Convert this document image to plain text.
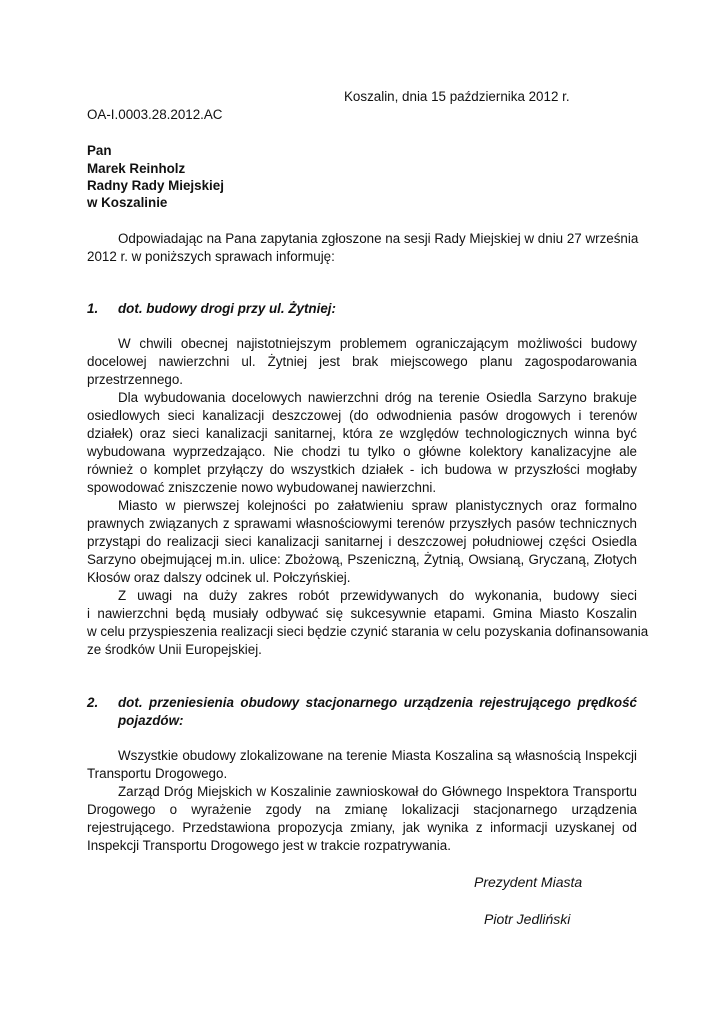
Koszalin, dnia 15 października 2012 r.
OA-I.0003.28.2012.AC
Pan
Marek Reinholz
Radny Rady Miejskiej
w Koszalinie
Odpowiadając na Pana zapytania zgłoszone na sesji Rady Miejskiej w dniu 27 września
2012 r. w poniższych sprawach informuję:
1. dot. budowy drogi przy ul. Żytniej:
W chwili obecnej najistotniejszym problemem ograniczającym możliwości budowy
docelowej nawierzchni ul. Żytniej jest brak miejscowego planu zagospodarowania
przestrzennego.
Dla wybudowania docelowych nawierzchni dróg na terenie Osiedla Sarzyno brakuje
osiedlowych sieci kanalizacji deszczowej (do odwodnienia pasów drogowych i terenów
działek) oraz sieci kanalizacji sanitarnej, która ze względów technologicznych winna być
wybudowana wyprzedzająco. Nie chodzi tu tylko o główne kolektory kanalizacyjne ale
również o komplet przyłączy do wszystkich działek - ich budowa w przyszłości mogłaby
spowodować zniszczenie nowo wybudowanej nawierzchni.
Miasto w pierwszej kolejności po załatwieniu spraw planistycznych oraz formalno
prawnych związanych z sprawami własnościowymi terenów przyszłych pasów technicznych
przystąpi do realizacji sieci kanalizacji sanitarnej i deszczowej południowej części Osiedla
Sarzyno obejmującej m.in. ulice: Zbożową, Pszeniczną, Żytnią, Owsianą, Gryczaną, Złotych
Kłosów oraz dalszy odcinek ul. Połczyńskiej.
Z uwagi na duży zakres robót przewidywanych do wykonania, budowy sieci
i nawierzchni będą musiały odbywać się sukcesywnie etapami. Gmina Miasto Koszalin
w celu przyspieszenia realizacji sieci będzie czynić starania w celu pozyskania dofinansowania
ze środków Unii Europejskiej.
2. dot. przeniesienia obudowy stacjonarnego urządzenia rejestrującego prędkość
pojazdów:
Wszystkie obudowy zlokalizowane na terenie Miasta Koszalina są własnością Inspekcji
Transportu Drogowego.
Zarząd Dróg Miejskich w Koszalinie zawnioskował do Głównego Inspektora Transportu
Drogowego o wyrażenie zgody na zmianę lokalizacji stacjonarnego urządzenia
rejestrującego. Przedstawiona propozycja zmiany, jak wynika z informacji uzyskanej od
Inspekcji Transportu Drogowego jest w trakcie rozpatrywania.
Prezydent Miasta
Piotr Jedliński
